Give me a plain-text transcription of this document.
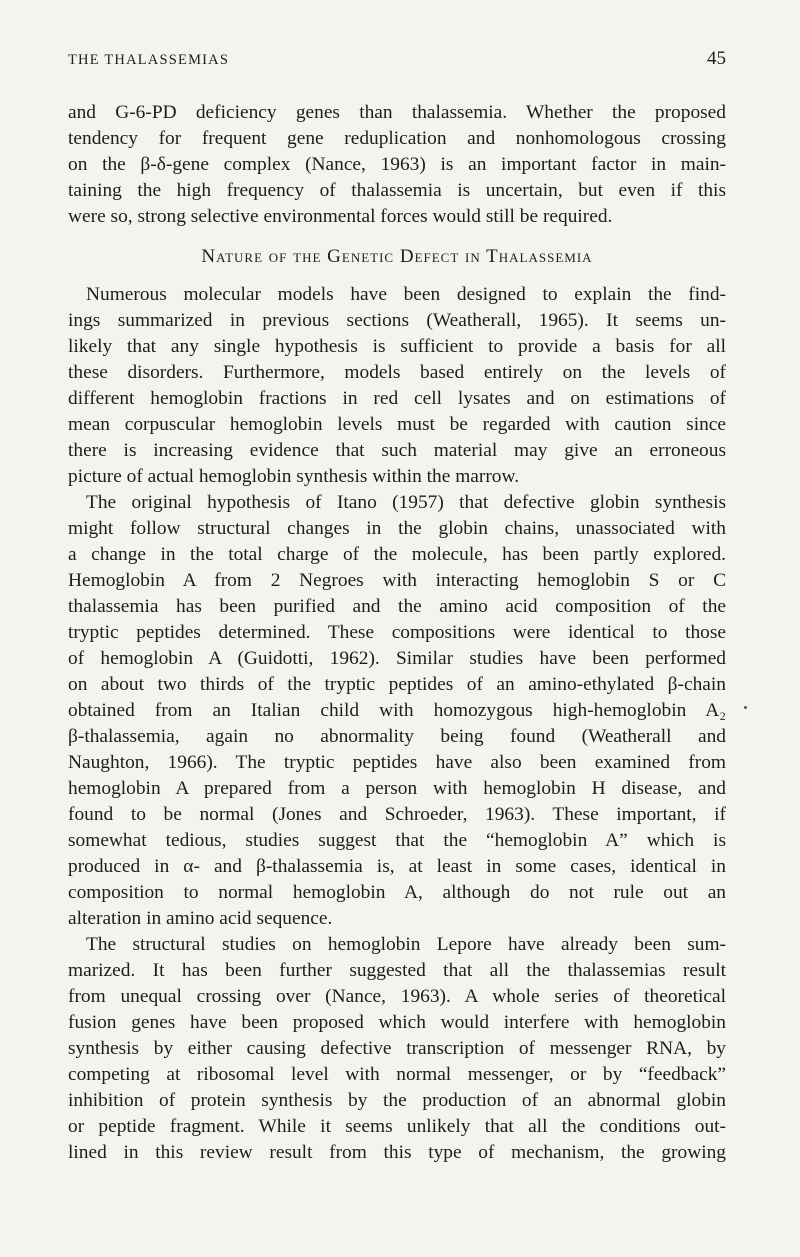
THE THALASSEMIAS	45
and G-6-PD deficiency genes than thalassemia. Whether the proposed
tendency for frequent gene reduplication and nonhomologous crossing
on the β-δ-gene complex (Nance, 1963) is an important factor in main-
taining the high frequency of thalassemia is uncertain, but even if this
were so, strong selective environmental forces would still be required.
Nature of the Genetic Defect in Thalassemia
Numerous molecular models have been designed to explain the find-
ings summarized in previous sections (Weatherall, 1965). It seems un-
likely that any single hypothesis is sufficient to provide a basis for all
these disorders. Furthermore, models based entirely on the levels of
different hemoglobin fractions in red cell lysates and on estimations of
mean corpuscular hemoglobin levels must be regarded with caution since
there is increasing evidence that such material may give an erroneous
picture of actual hemoglobin synthesis within the marrow.
The original hypothesis of Itano (1957) that defective globin synthesis
might follow structural changes in the globin chains, unassociated with
a change in the total charge of the molecule, has been partly explored.
Hemoglobin A from 2 Negroes with interacting hemoglobin S or C
thalassemia has been purified and the amino acid composition of the
tryptic peptides determined. These compositions were identical to those
of hemoglobin A (Guidotti, 1962). Similar studies have been performed
on about two thirds of the tryptic peptides of an amino-ethylated β-chain
obtained from an Italian child with homozygous high-hemoglobin A₂
β-thalassemia, again no abnormality being found (Weatherall and
Naughton, 1966). The tryptic peptides have also been examined from
hemoglobin A prepared from a person with hemoglobin H disease, and
found to be normal (Jones and Schroeder, 1963). These important, if
somewhat tedious, studies suggest that the “hemoglobin A” which is
produced in α- and β-thalassemia is, at least in some cases, identical in
composition to normal hemoglobin A, although do not rule out an
alteration in amino acid sequence.
The structural studies on hemoglobin Lepore have already been sum-
marized. It has been further suggested that all the thalassemias result
from unequal crossing over (Nance, 1963). A whole series of theoretical
fusion genes have been proposed which would interfere with hemoglobin
synthesis by either causing defective transcription of messenger RNA, by
competing at ribosomal level with normal messenger, or by “feedback”
inhibition of protein synthesis by the production of an abnormal globin
or peptide fragment. While it seems unlikely that all the conditions out-
lined in this review result from this type of mechanism, the growing
